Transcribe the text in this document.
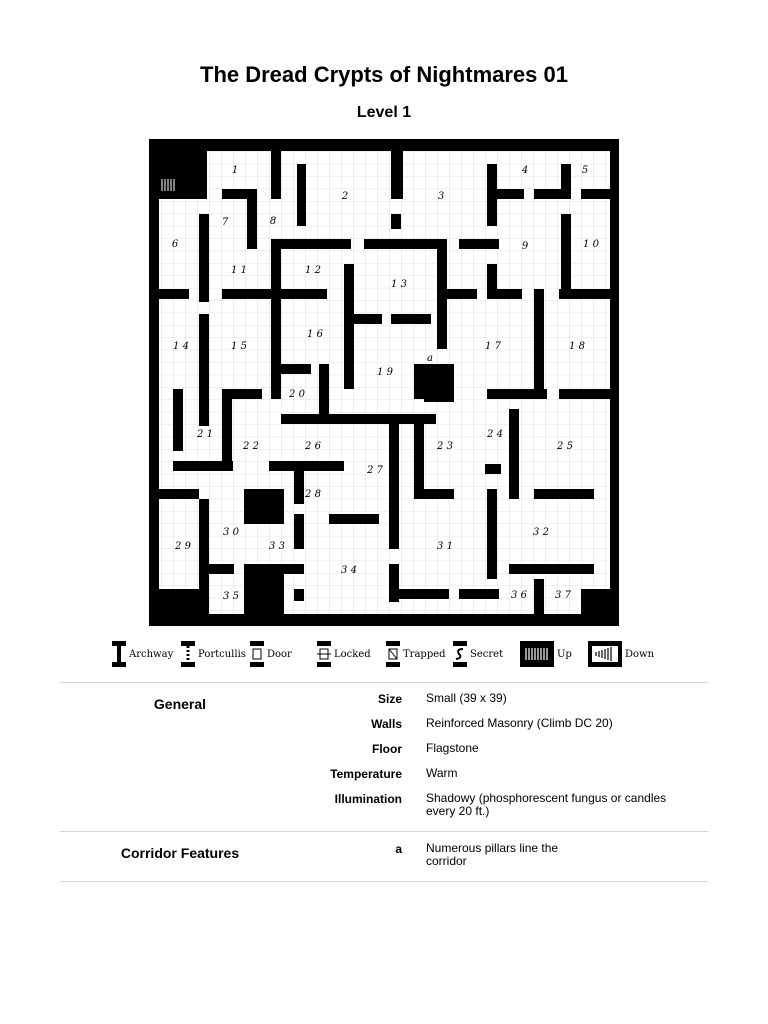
The Dread Crypts of Nightmares 01
Level 1
1
2	3
4	5
6
7	8
9	1 0
1 1	1 2
1 3
1 4	1 5
1 6
1 7	1 8
1 9
2 0
2 1
2 2	2 3
2 4
2 5
2 6
2 7
2 8
2 9
3 0
3 1
3 2
3 3
3 4
3 5	3 6	3 7
a
Archway Portcullis Door	Locked	Trapped Secret	Up	Down
General	Size Small (39 x 39)
Walls Reinforced Masonry (Climb DC 20)
Floor Flagstone
Temperature Warm
Illumination Shadowy (phosphorescent fungus or candles every 20 ft.)
Corridor Features	a Numerous pillars line the corridor
